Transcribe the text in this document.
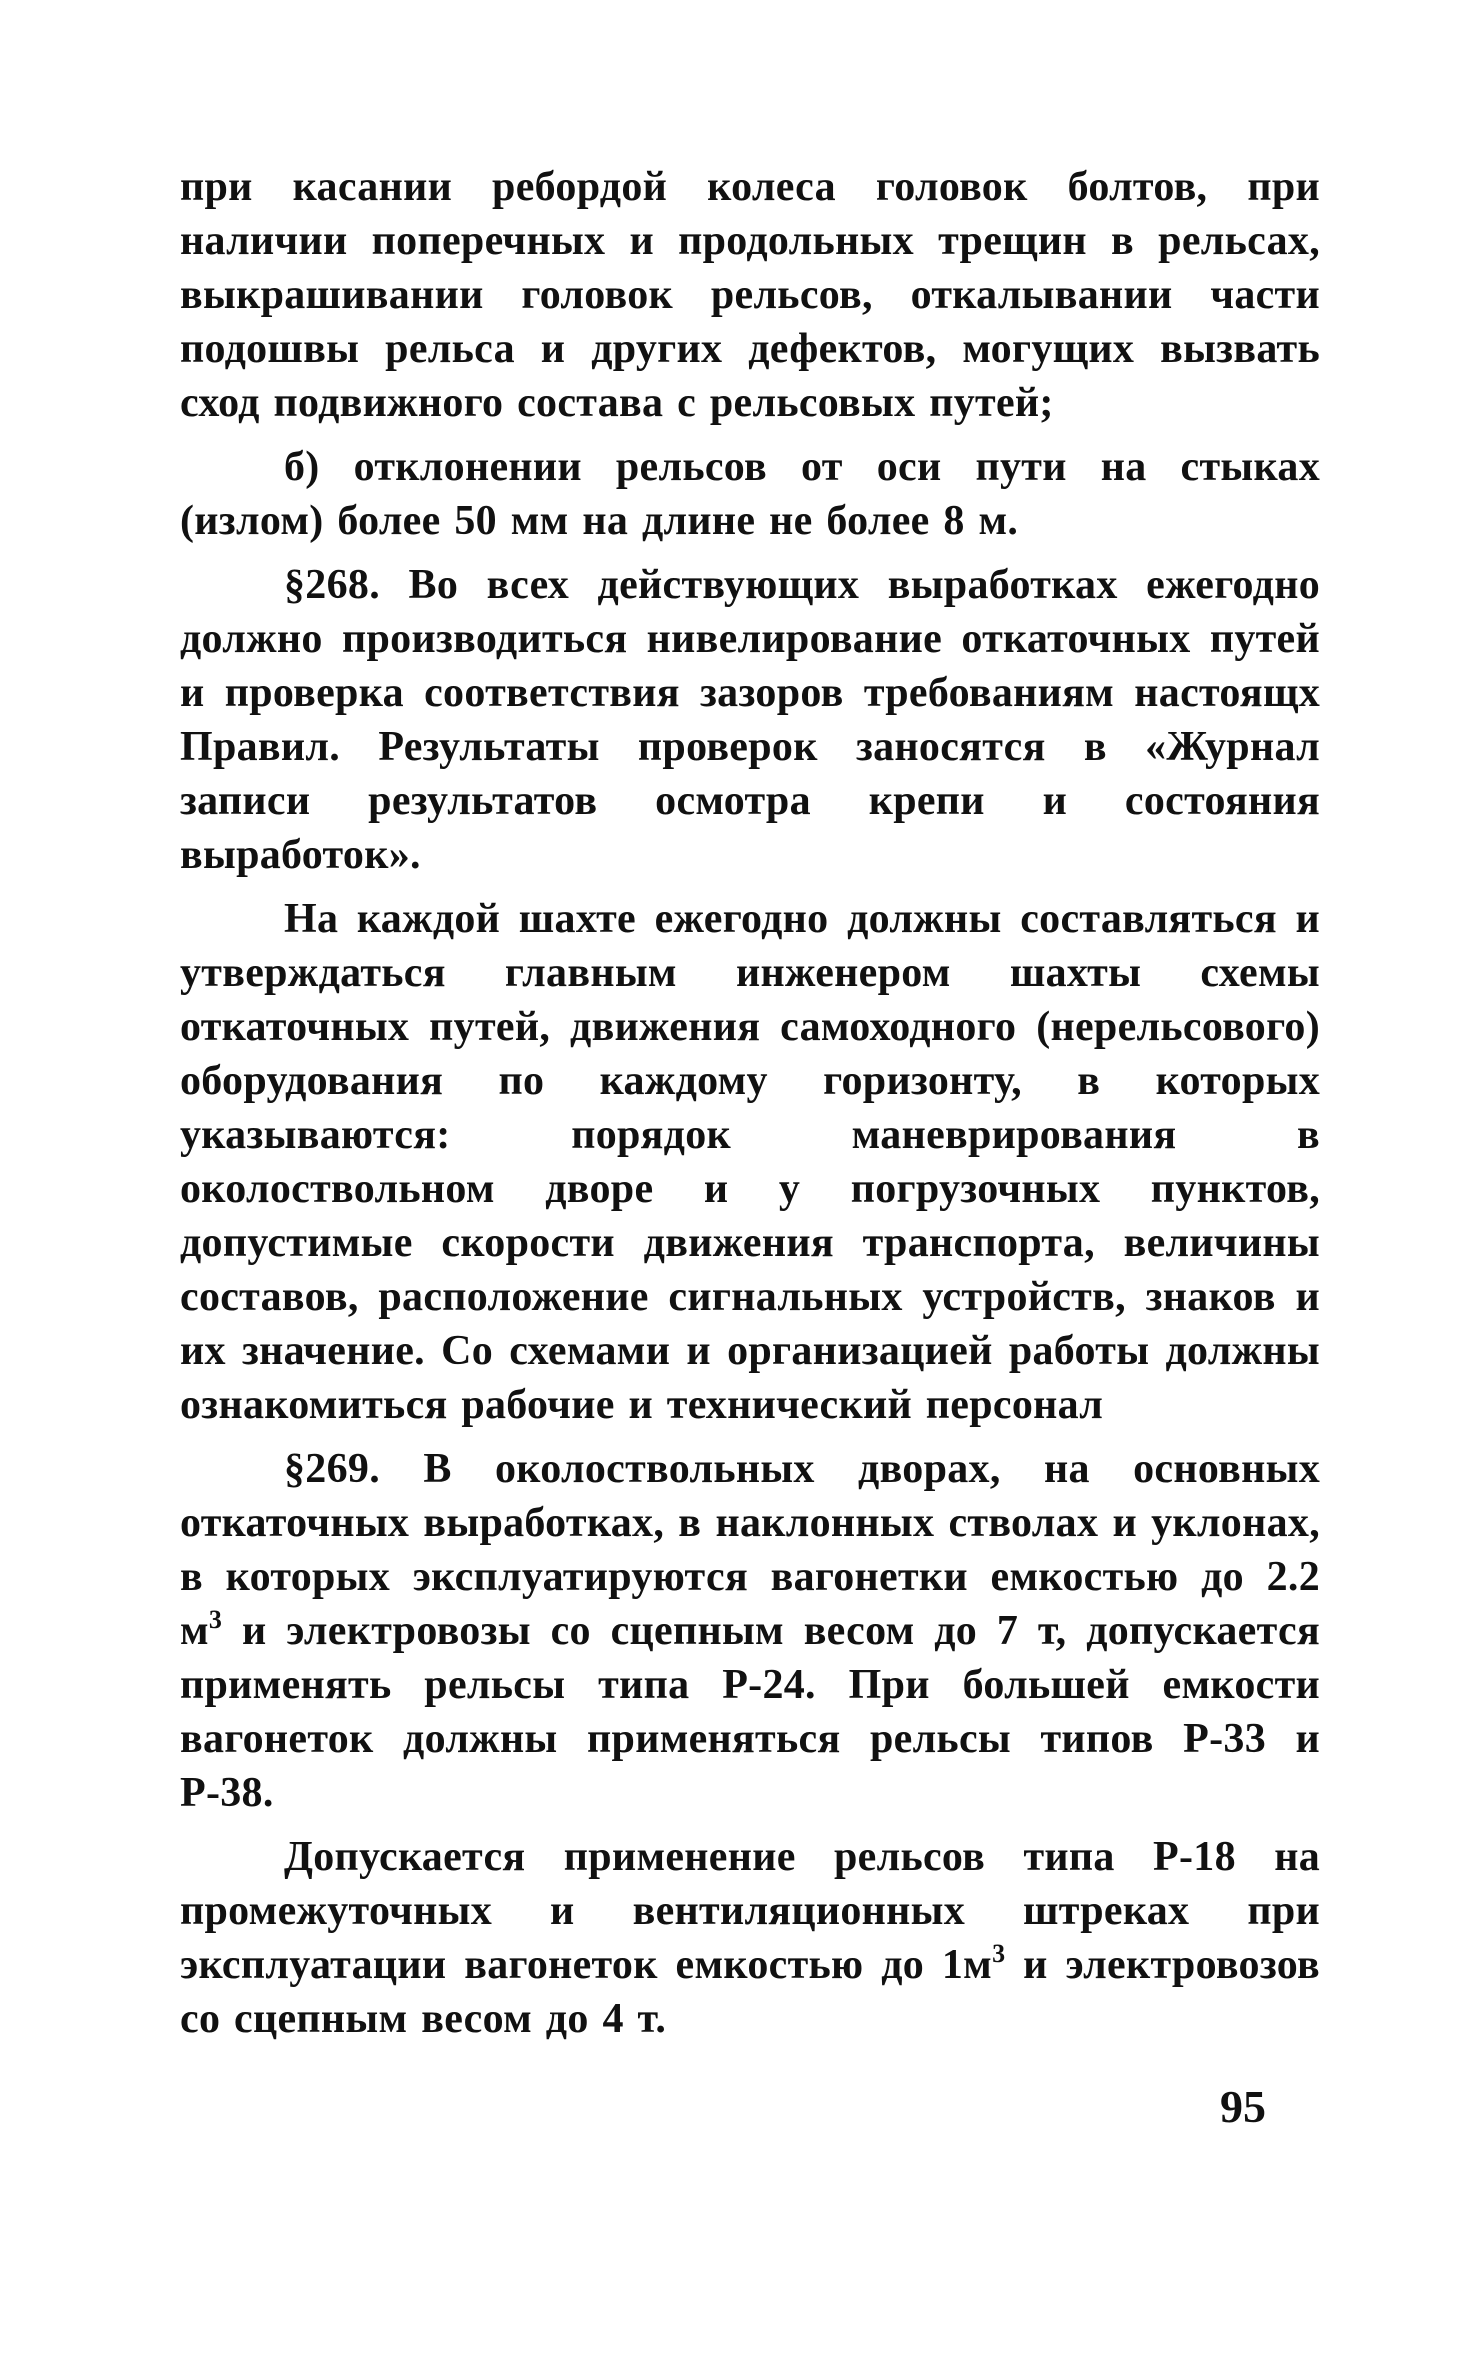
при касании ребордой колеса головок болтов, при наличии поперечных и продольных трещин в рельсах, выкрашивании головок рельсов, откалывании части подошвы рельса и других дефектов, могущих вызвать сход подвижного состава с рельсовых путей;

б) отклонении рельсов от оси пути на стыках (излом) более 50 мм на длине не более 8 м.

§268. Во всех действующих выработках ежегодно должно производиться нивелирование откаточных путей и проверка соответствия зазоров требованиям настоящх Правил. Результаты проверок заносятся в «Журнал записи результатов осмотра крепи и состояния выработок».

На каждой шахте ежегодно должны составляться и утверждаться главным инженером шахты схемы откаточных путей, движения самоходного (нерельсового) оборудования по каждому горизонту, в которых указываются: порядок маневрирования в околоствольном дворе и у погрузочных пунктов, допустимые скорости движения транспорта, величины составов, расположение сигнальных устройств, знаков и их значение. Со схемами и организацией работы должны ознакомиться рабочие и технический персонал

§269. В околоствольных дворах, на основных откаточных выработках, в наклонных стволах и уклонах, в которых эксплуатируются вагонетки емкостью до 2.2 $м^3$ и электровозы со сцепным весом до 7 т, допускается применять рельсы типа Р-24. При большей емкости вагонеток должны применяться рельсы типов Р-33 и Р-38.

Допускается применение рельсов типа Р-18 на промежуточных и вентиляционных штреках при эксплуатации вагонеток емкостью до $1м^3$ и электровозов со сцепным весом до 4 т.

95
